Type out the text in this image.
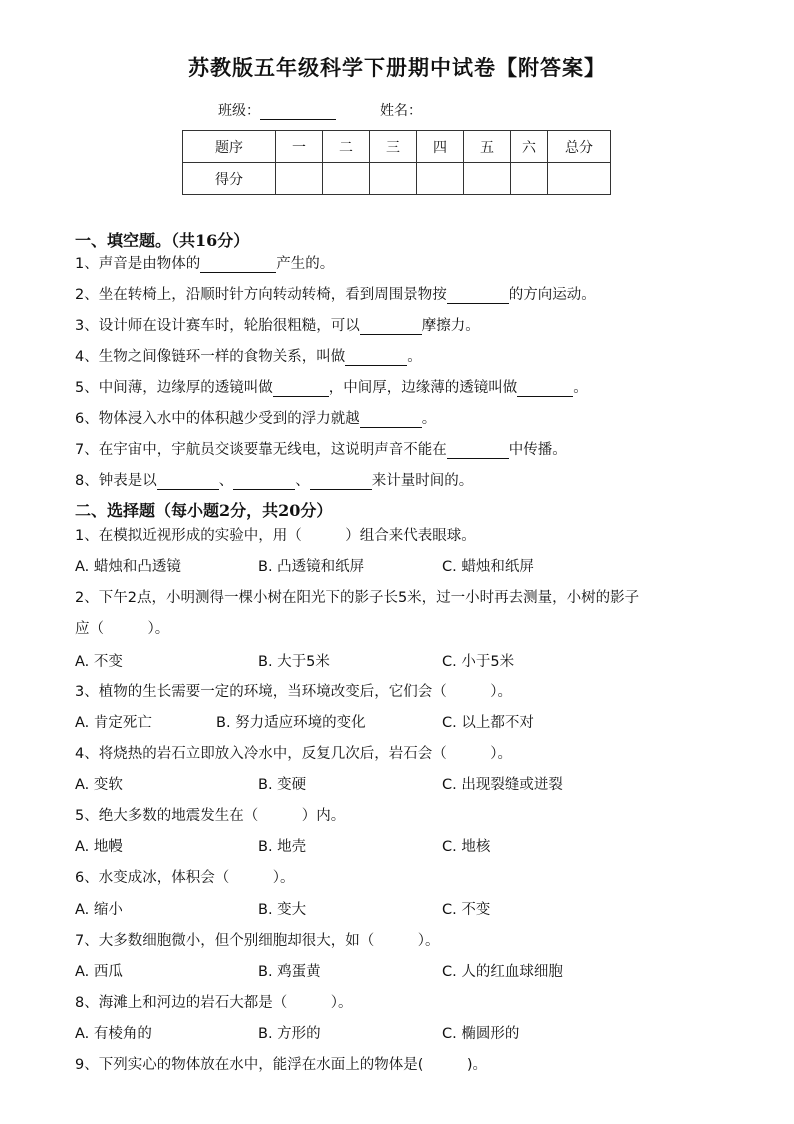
苏教版五年级科学下册期中试卷【附答案】
班级：	姓名：
题序	一	二	三	四	五	六	总分
得分							
一、填空题。（共16分）
1、声音是由物体的	产生的。
2、坐在转椅上，沿顺时针方向转动转椅，看到周围景物按	的方向运动。
3、设计师在设计赛车时，轮胎很粗糙，可以	摩擦力。
4、生物之间像链环一样的食物关系，叫做	。
5、中间薄，边缘厚的透镜叫做	，中间厚，边缘薄的透镜叫做	。
6、物体浸入水中的体积越少受到的浮力就越	。
7、在宇宙中，宇航员交谈要靠无线电，这说明声音不能在	中传播。
8、钟表是以	、	、	来计量时间的。
二、选择题（每小题2分，共20分）
1、在模拟近视形成的实验中，用（　　　）组合来代表眼球。
A. 蜡烛和凸透镜	B. 凸透镜和纸屏	C. 蜡烛和纸屏
2、下午2点，小明测得一棵小树在阳光下的影子长5米，过一小时再去测量，小树的影子
应（　　　）。
A. 不变	B. 大于5米	C. 小于5米
3、植物的生长需要一定的环境，当环境改变后，它们会（　　　）。
A. 肯定死亡	B. 努力适应环境的变化	C. 以上都不对
4、将烧热的岩石立即放入冷水中，反复几次后，岩石会（　　　）。
A. 变软	B. 变硬	C. 出现裂缝或迸裂
5、绝大多数的地震发生在（　　　）内。
A. 地幔	B. 地壳	C. 地核
6、水变成冰，体积会（　　　）。
A. 缩小	B. 变大	C. 不变
7、大多数细胞微小，但个别细胞却很大，如（　　　）。
A. 西瓜	B. 鸡蛋黄	C. 人的红血球细胞
8、海滩上和河边的岩石大都是（　　　）。
A. 有棱角的	B. 方形的	C. 椭圆形的
9、下列实心的物体放在水中，能浮在水面上的物体是(　　　)。
